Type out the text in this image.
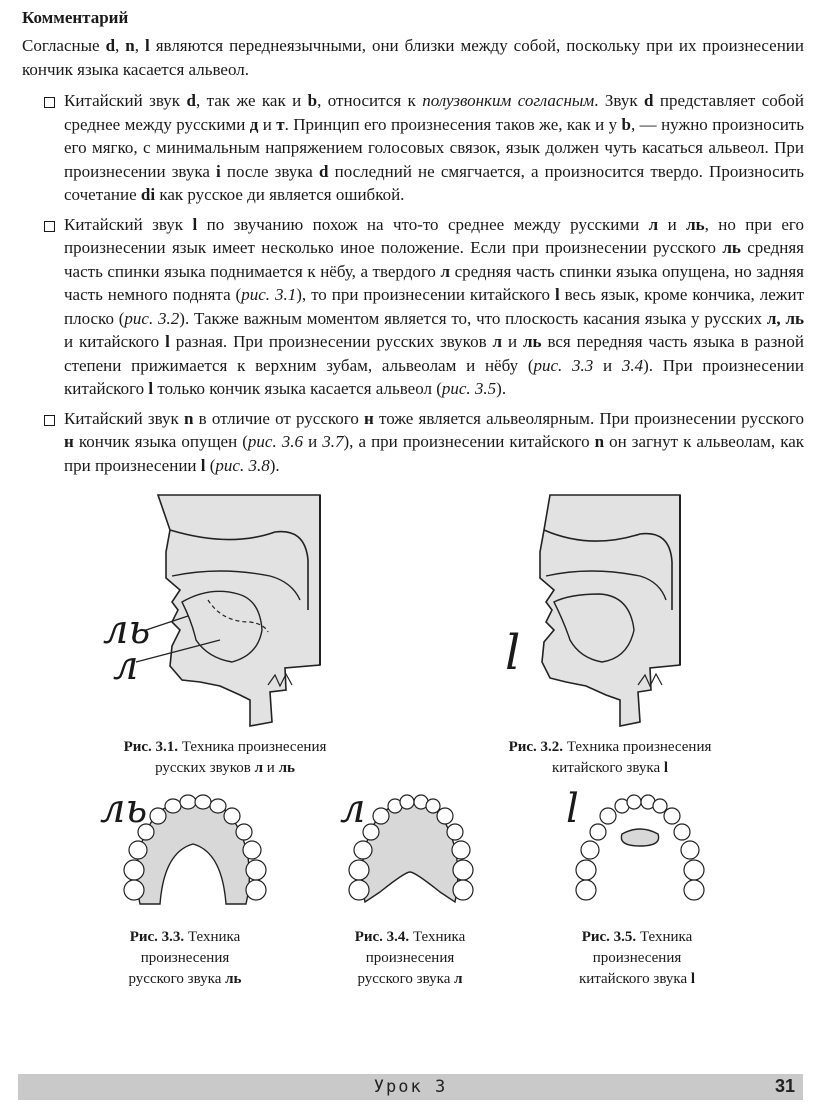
Комментарий

Согласные d, n, l являются переднеязычными, они близки между собой, поскольку при их произнесении кончик языка касается альвеол.

Китайский звук d, так же как и b, относится к полузвонким согласным. Звук d представляет собой среднее между русскими д и т. Принцип его произнесения таков же, как и у b, — нужно произносить его мягко, с минимальным напряжением голосовых связок, язык должен чуть касаться альвеол. При произнесении звука i после звука d последний не смягчается, а произносится твердо. Произносить сочетание di как русское ди является ошибкой.

Китайский звук l по звучанию похож на что-то среднее между русскими л и ль, но при его произнесении язык имеет несколько иное положение. Если при произнесении русского ль средняя часть спинки языка поднимается к нёбу, а твердого л средняя часть спинки языка опущена, но задняя часть немного поднята (рис. 3.1), то при произнесении китайского l весь язык, кроме кончика, лежит плоско (рис. 3.2). Также важным моментом является то, что плоскость касания языка у русских л, ль и китайского l разная. При произнесении русских звуков л и ль вся передняя часть языка в разной степени прижимается к верхним зубам, альвеолам и нёбу (рис. 3.3 и 3.4). При произнесении китайского l только кончик языка касается альвеол (рис. 3.5).

Китайский звук n в отличие от русского н тоже является альвеолярным. При произнесении русского н кончик языка опущен (рис. 3.6 и 3.7), а при произнесении китайского n он загнут к альвеолам, как при произнесении l (рис. 3.8).

ль
л
Рис. 3.1. Техника произнесения
русских звуков л и ль
l
Рис. 3.2. Техника произнесения
китайского звука l
ль	л	l
Рис. 3.3. Техника
произнесения
русского звука ль
Рис. 3.4. Техника
произнесения
русского звука л
Рис. 3.5. Техника
произнесения
китайского звука l
Урок 3	31
